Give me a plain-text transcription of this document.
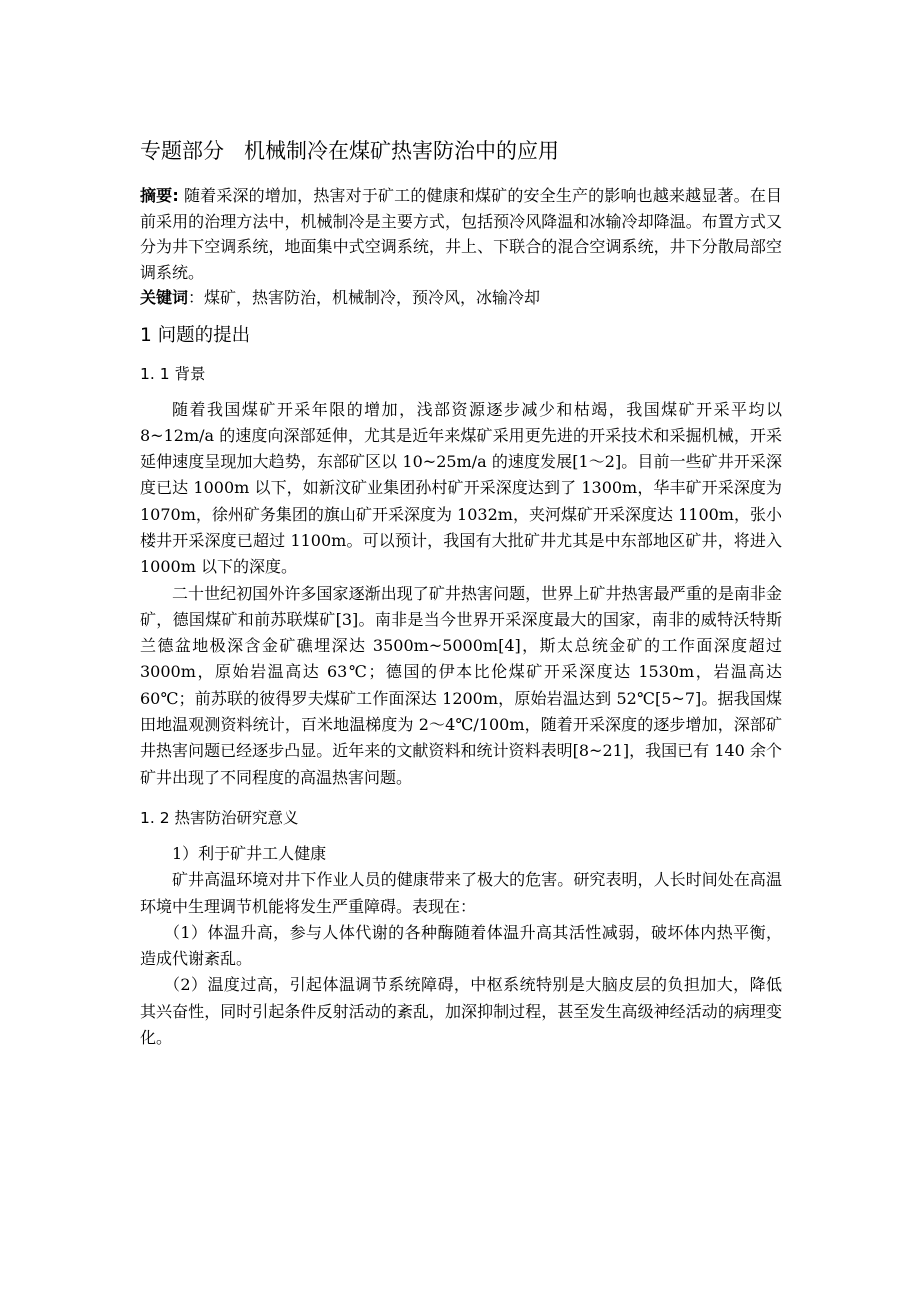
专题部分 机械制冷在煤矿热害防治中的应用

摘要: 随着采深的增加，热害对于矿工的健康和煤矿的安全生产的影响也越来越显著。在目前采用的治理方法中，机械制冷是主要方式，包括预冷风降温和冰输冷却降温。布置方式又分为井下空调系统，地面集中式空调系统，井上、下联合的混合空调系统，井下分散局部空调系统。

关键词：煤矿，热害防治，机械制冷，预冷风，冰输冷却

1 问题的提出
1. 1 背景

随着我国煤矿开采年限的增加，浅部资源逐步减少和枯竭，我国煤矿开采平均以 8~12m/a 的速度向深部延伸，尤其是近年来煤矿采用更先进的开采技术和采掘机械，开采延伸速度呈现加大趋势，东部矿区以 10~25m/a 的速度发展[1～2]。目前一些矿井开采深度已达 1000m 以下，如新汶矿业集团孙村矿开采深度达到了 1300m，华丰矿开采深度为 1070m，徐州矿务集团的旗山矿开采深度为 1032m，夹河煤矿开采深度达 1100m，张小楼井开采深度已超过 1100m。可以预计，我国有大批矿井尤其是中东部地区矿井，将进入 1000m 以下的深度。

二十世纪初国外许多国家逐渐出现了矿井热害问题，世界上矿井热害最严重的是南非金矿，德国煤矿和前苏联煤矿[3]。南非是当今世界开采深度最大的国家，南非的威特沃特斯兰德盆地极深含金矿礁埋深达 3500m~5000m[4]，斯太总统金矿的工作面深度超过 3000m，原始岩温高达 63℃；德国的伊本比伦煤矿开采深度达 1530m，岩温高达 60℃；前苏联的彼得罗夫煤矿工作面深达 1200m，原始岩温达到 52℃[5~7]。据我国煤田地温观测资料统计，百米地温梯度为 2～4℃/100m，随着开采深度的逐步增加，深部矿井热害问题已经逐步凸显。近年来的文献资料和统计资料表明[8~21]，我国已有 140 余个矿井出现了不同程度的高温热害问题。

1. 2 热害防治研究意义

1）利于矿井工人健康

矿井高温环境对井下作业人员的健康带来了极大的危害。研究表明，人长时间处在高温环境中生理调节机能将发生严重障碍。表现在：

（1）体温升高，参与人体代谢的各种酶随着体温升高其活性减弱，破坏体内热平衡，造成代谢紊乱。

（2）温度过高，引起体温调节系统障碍，中枢系统特别是大脑皮层的负担加大，降低其兴奋性，同时引起条件反射活动的紊乱，加深抑制过程，甚至发生高级神经活动的病理变化。
